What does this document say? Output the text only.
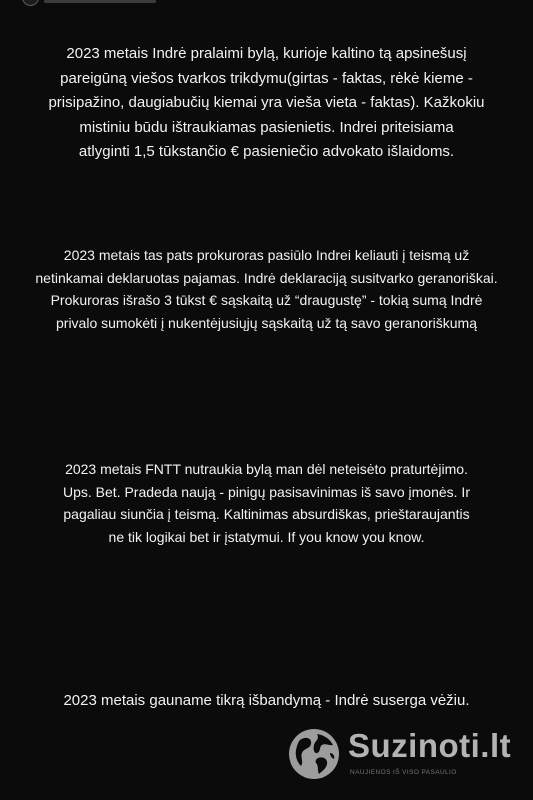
2023 metais Indrė pralaimi bylą, kurioje kaltino tą apsinešusį
pareigūną viešos tvarkos trikdymu(girtas - faktas, rėkė kieme -
prisipažino, daugiabučių kiemai yra vieša vieta - faktas). Kažkokiu
mistiniu būdu ištraukiamas pasienietis. Indrei priteisiama
atlyginti 1,5 tūkstančio € pasieniečio advokato išlaidoms.

2023 metais tas pats prokuroras pasiūlo Indrei keliauti į teismą už
netinkamai deklaruotas pajamas. Indrė deklaraciją susitvarko geranoriškai.
Prokuroras išrašo 3 tūkst € sąskaitą už “draugustę” - tokią sumą Indrė
privalo sumokėti į nukentėjusiųjų sąskaitą už tą savo geranoriškumą

2023 metais FNTT nutraukia bylą man dėl neteisėto praturtėjimo.
Ups. Bet. Pradeda naują - pinigų pasisavinimas iš savo įmonės. Ir
pagaliau siunčia į teismą. Kaltinimas absurdiškas, prieštaraujantis
ne tik logikai bet ir įstatymui. If you know you know.

2023 metais gauname tikrą išbandymą - Indrė suserga vėžiu.

Suzinoti.lt
NAUJIENOS IŠ VISO PASAULIO
